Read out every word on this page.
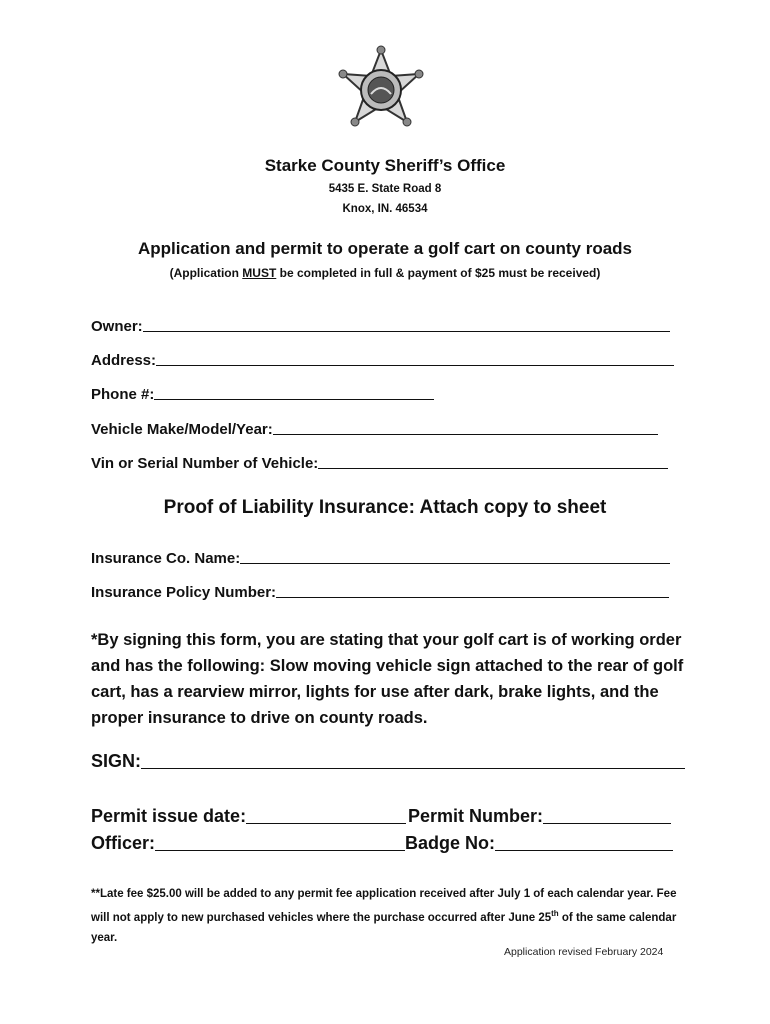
Starke County Sheriff’s Office
5435 E. State Road 8
Knox, IN. 46534
Application and permit to operate a golf cart on county roads
(Application MUST be completed in full & payment of $25 must be received)
Owner:
Address:
Phone #:
Vehicle Make/Model/Year:
Vin or Serial Number of Vehicle:
Proof of Liability Insurance: Attach copy to sheet
Insurance Co. Name:
Insurance Policy Number:
*By signing this form, you are stating that your golf cart is of working order and has the following: Slow moving vehicle sign attached to the rear of golf cart, has a rearview mirror, lights for use after dark, brake lights, and the proper insurance to drive on county roads.
SIGN:
Permit issue date:	Permit Number:
Officer:	Badge No:
**Late fee $25.00 will be added to any permit fee application received after July 1 of each calendar year. Fee will not apply to new purchased vehicles where the purchase occurred after June 25th of the same calendar year.
Application revised February 2024
